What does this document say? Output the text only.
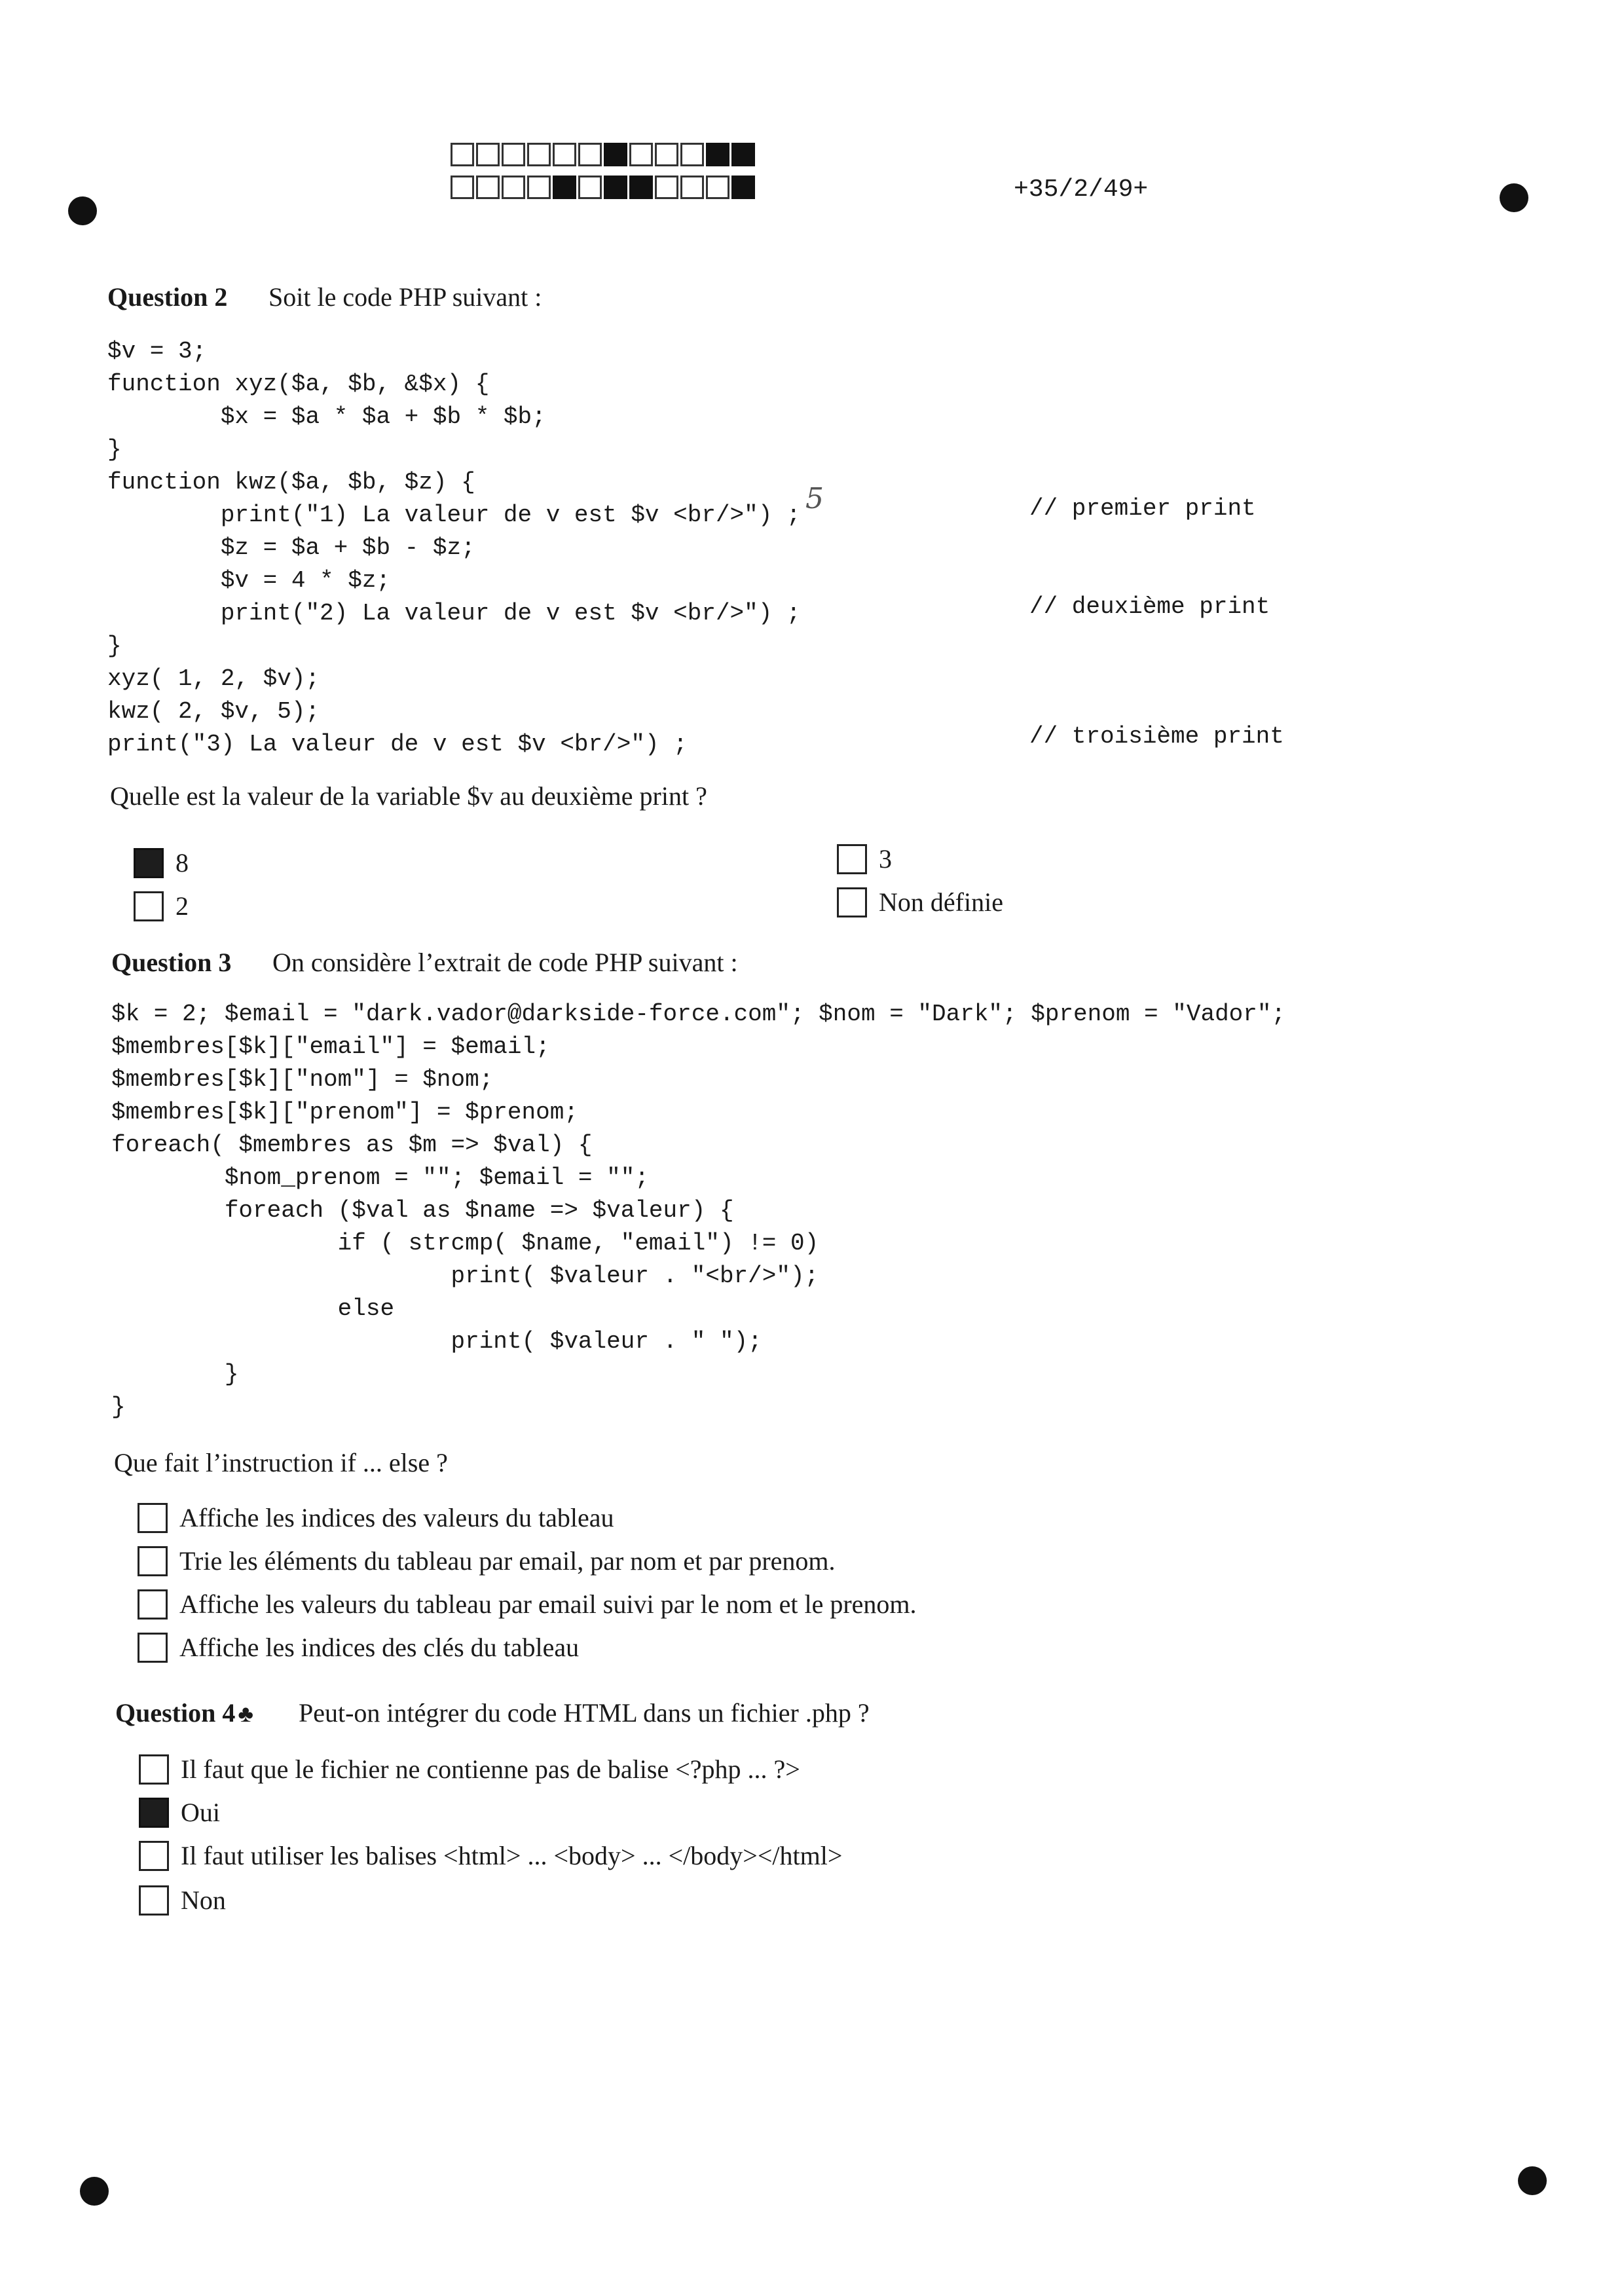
+35/2/49+
Question 2 Soit le code PHP suivant :
$v = 3;
function xyz($a, $b, &$x) {
$x = $a * $a + $b * $b;
}
function kwz($a, $b, $z) {
print("1) La valeur de v est $v <br/>") ;
$z = $a + $b - $z;
$v = 4 * $z;
print("2) La valeur de v est $v <br/>") ;
}
xyz( 1, 2, $v);
kwz( 2, $v, 5);
print("3) La valeur de v est $v <br/>") ;
5	// premier print
// deuxième print
// troisième print
Quelle est la valeur de la variable $v au deuxième print ?
8
2
3
Non définie
Question 3 On considère l’extrait de code PHP suivant :
$k = 2; $email = "dark.vador@darkside-force.com"; $nom = "Dark"; $prenom = "Vador";
$membres[$k]["email"] = $email;
$membres[$k]["nom"] = $nom;
$membres[$k]["prenom"] = $prenom;
foreach( $membres as $m => $val) {
$nom_prenom = ""; $email = "";
foreach ($val as $name => $valeur) {
if ( strcmp( $name, "email") != 0)
print( $valeur . "<br/>");
else
print( $valeur . " ");
}
}
Que fait l’instruction if ... else ?
Affiche les indices des valeurs du tableau
Trie les éléments du tableau par email, par nom et par prenom.
Affiche les valeurs du tableau par email suivi par le nom et le prenom.
Affiche les indices des clés du tableau
Question 4 ♣ Peut-on intégrer du code HTML dans un fichier .php ?
Il faut que le fichier ne contienne pas de balise <?php ... ?>
Oui
Il faut utiliser les balises <html> ... <body> ... </body></html>
Non
